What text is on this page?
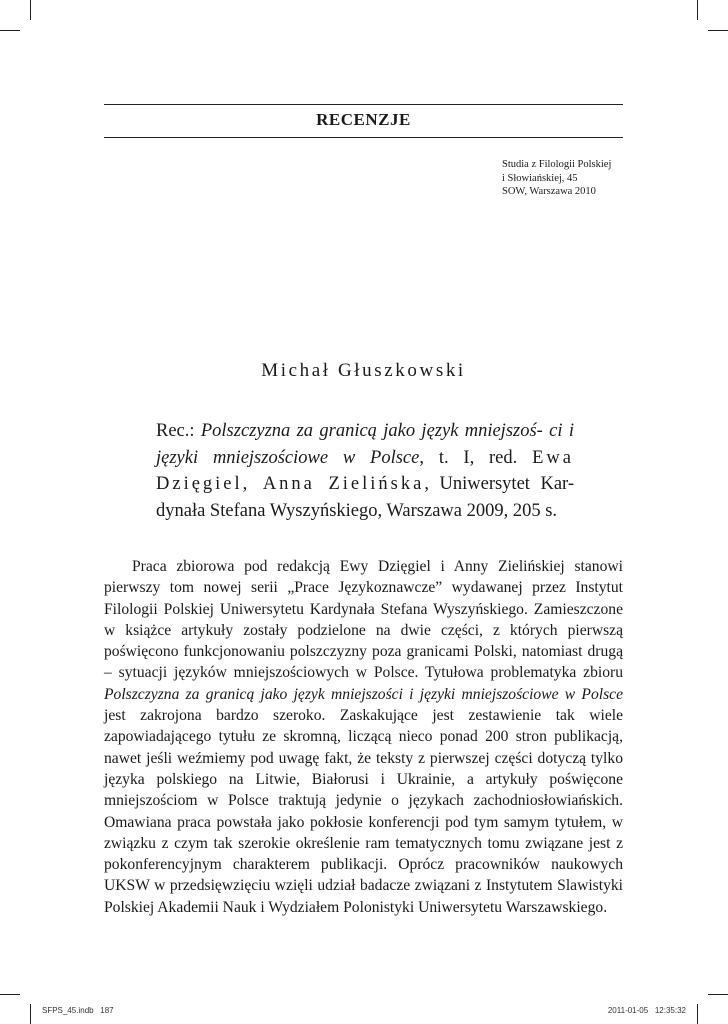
RECENZJE
Studia z Filologii Polskiej
i Słowiańskiej, 45
SOW, Warszawa 2010
Michał Głuszkowski
Rec.: Polszczyzna za granicą jako język mniejszoś- ci i języki mniejszościowe w Polsce, t. I, red. Ewa Dzięgiel, Anna Zielińska, Uniwersytet Kar- dynała Stefana Wyszyńskiego, Warszawa 2009, 205 s.

Praca zbiorowa pod redakcją Ewy Dzięgiel i Anny Zielińskiej stanowi pierwszy tom nowej serii „Prace Językoznawcze” wydawanej przez Instytut Filologii Polskiej Uniwersytetu Kardynała Stefana Wyszyńskiego. Zamieszczone w książce artykuły zostały podzielone na dwie części, z których pierwszą poświęcono funkcjonowaniu polszczyzny poza granicami Polski, natomiast drugą – sytuacji języków mniejszościowych w Polsce. Tytułowa problematyka zbioru Polszczyzna za granicą jako język mniejszości i języki mniejszościowe w Polsce jest zakrojona bardzo szeroko. Zaskakujące jest zestawienie tak wiele zapowiadającego tytułu ze skromną, liczącą nieco ponad 200 stron publikacją, nawet jeśli weźmiemy pod uwagę fakt, że teksty z pierwszej części dotyczą tylko języka polskiego na Litwie, Białorusi i Ukrainie, a artykuły poświęcone mniejszościom w Polsce traktują jedynie o językach zachodniosłowiańskich. Omawiana praca powstała jako pokłosie konferencji pod tym samym tytułem, w związku z czym tak szerokie określenie ram tematycznych tomu związane jest z pokonferencyjnym charakterem publikacji. Oprócz pracowników naukowych UKSW w przedsięwzięciu wzięli udział badacze związani z Instytutem Slawistyki Polskiej Akademii Nauk i Wydziałem Polonistyki Uniwersytetu Warszawskiego.

SFPS_45.indb   187	2011-01-05   12:35:32
